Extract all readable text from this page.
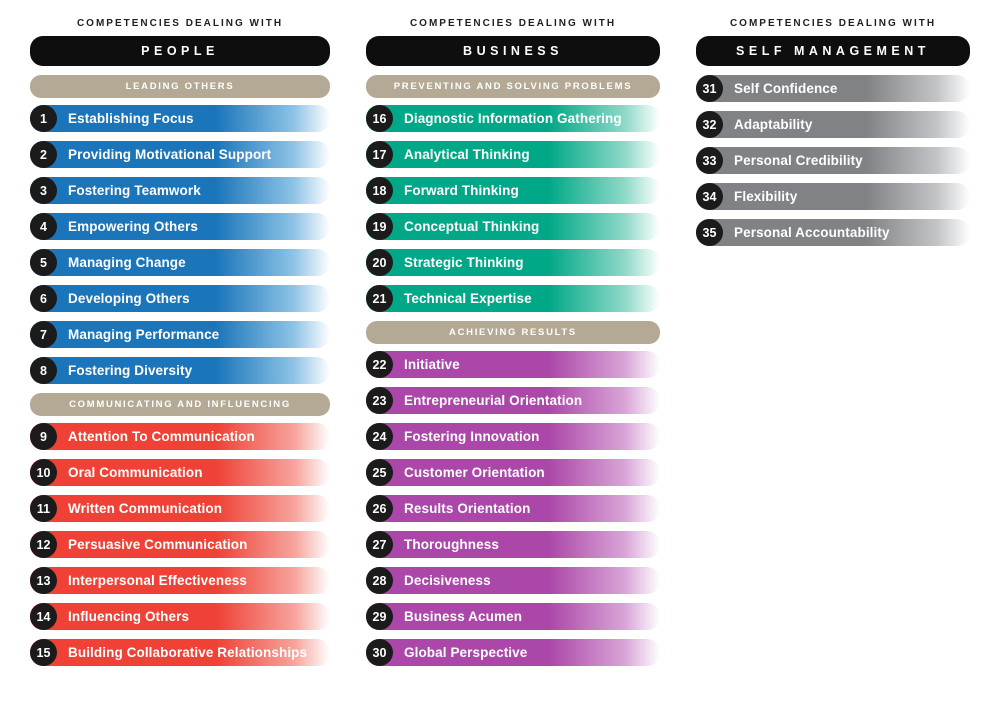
COMPETENCIES DEALING WITH
PEOPLE
LEADING OTHERS
1	Establishing Focus
2	Providing Motivational Support
3	Fostering Teamwork
4	Empowering Others
5	Managing Change
6	Developing Others
7	Managing Performance
8	Fostering Diversity
COMMUNICATING AND INFLUENCING
9	Attention To Communication
10	Oral Communication
11	Written Communication
12	Persuasive Communication
13	Interpersonal Effectiveness
14	Influencing Others
15	Building Collaborative Relationships
COMPETENCIES DEALING WITH
BUSINESS
PREVENTING AND SOLVING PROBLEMS
16	Diagnostic Information Gathering
17	Analytical Thinking
18	Forward Thinking
19	Conceptual Thinking
20	Strategic Thinking
21	Technical Expertise
ACHIEVING RESULTS
22	Initiative
23	Entrepreneurial Orientation
24	Fostering Innovation
25	Customer Orientation
26	Results Orientation
27	Thoroughness
28	Decisiveness
29	Business Acumen
30	Global Perspective
COMPETENCIES DEALING WITH
SELF MANAGEMENT
31	Self Confidence
32	Adaptability
33	Personal Credibility
34	Flexibility
35	Personal Accountability
